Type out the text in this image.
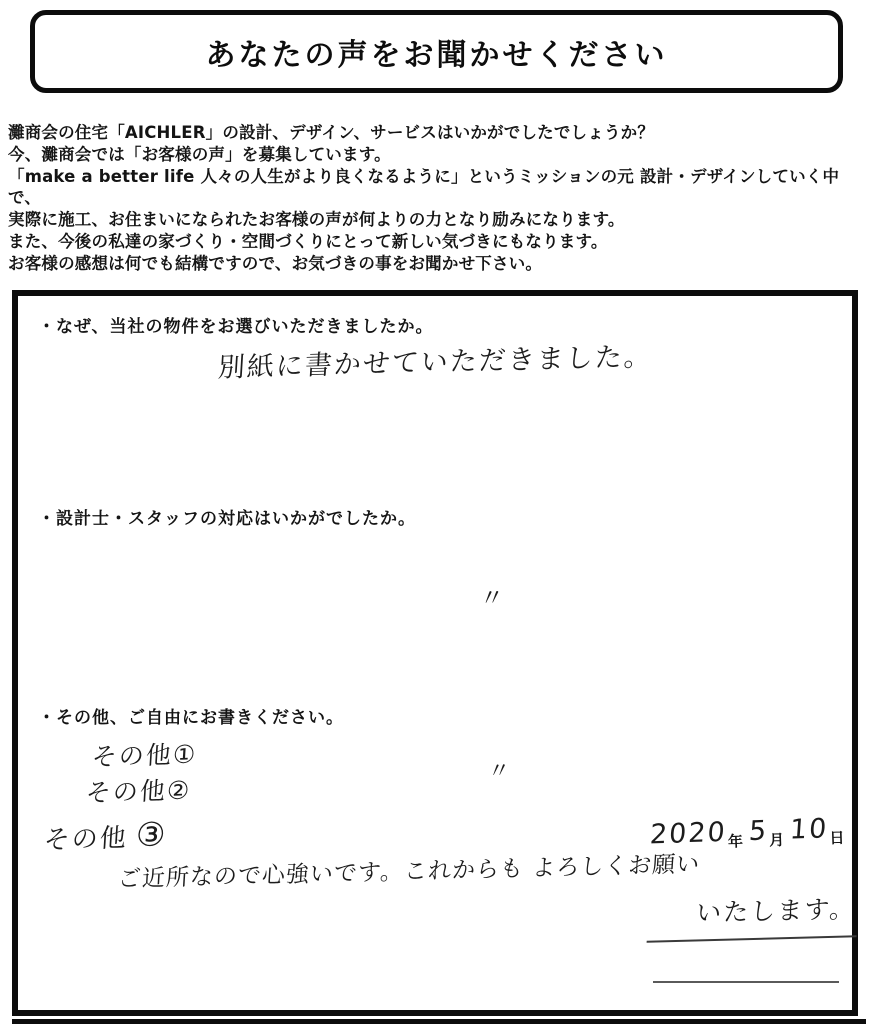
あなたの声をお聞かせください
灘商会の住宅「AICHLER」の設計、デザイン、サービスはいかがでしたでしょうか？
今、灘商会では「お客様の声」を募集しています。
「make a better life 人々の人生がより良くなるように」というミッションの元 設計・デザインしていく中で、
実際に施工、お住まいになられたお客様の声が何よりの力となり励みになります。
また、今後の私達の家づくり・空間づくりにとって新しい気づきにもなります。
お客様の感想は何でも結構ですので、お気づきの事をお聞かせ下さい。
・なぜ、当社の物件をお選びいただきましたか。
別紙に書かせていただきました。
・設計士・スタッフの対応はいかがでしたか。
〃
・その他、ご自由にお書きください。
その他①
その他②
〃
その他 ③
ご近所なので心強いです。これからも よろしくお願い
いたします。
2020年 5月 10日
